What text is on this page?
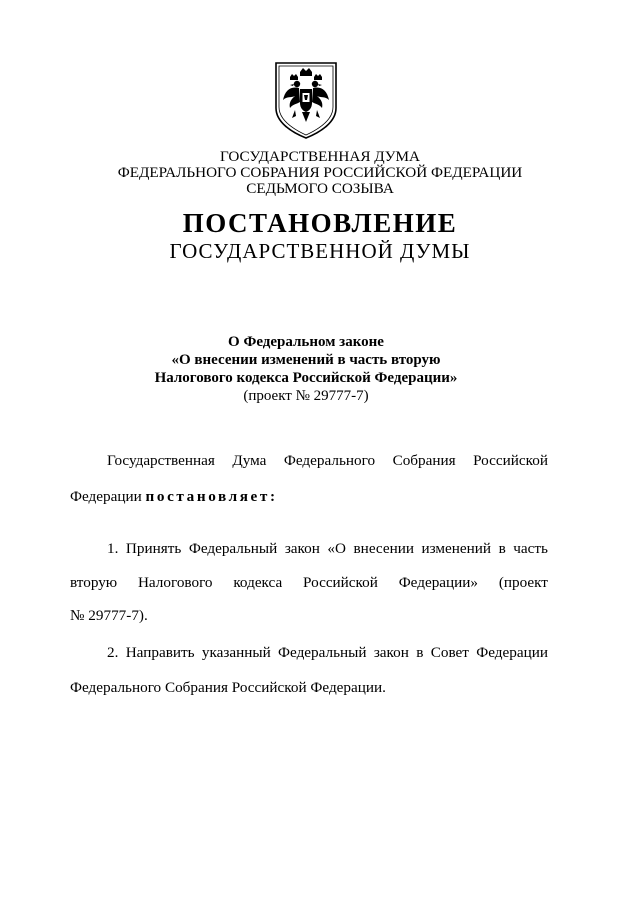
ГОСУДАРСТВЕННАЯ ДУМА
ФЕДЕРАЛЬНОГО СОБРАНИЯ РОССИЙСКОЙ ФЕДЕРАЦИИ
СЕДЬМОГО СОЗЫВА
ПОСТАНОВЛЕНИЕ
ГОСУДАРСТВЕННОЙ ДУМЫ
О Федеральном законе
«О внесении изменений в часть вторую
Налогового кодекса Российской Федерации»
(проект № 29777-7)
Государственная Дума Федерального Собрания Российской
Федерации постановляет:
1. Принять Федеральный закон «О внесении изменений в часть
вторую Налогового кодекса Российской Федерации» (проект
№ 29777-7).
2. Направить указанный Федеральный закон в Совет Федерации
Федерального Собрания Российской Федерации.
